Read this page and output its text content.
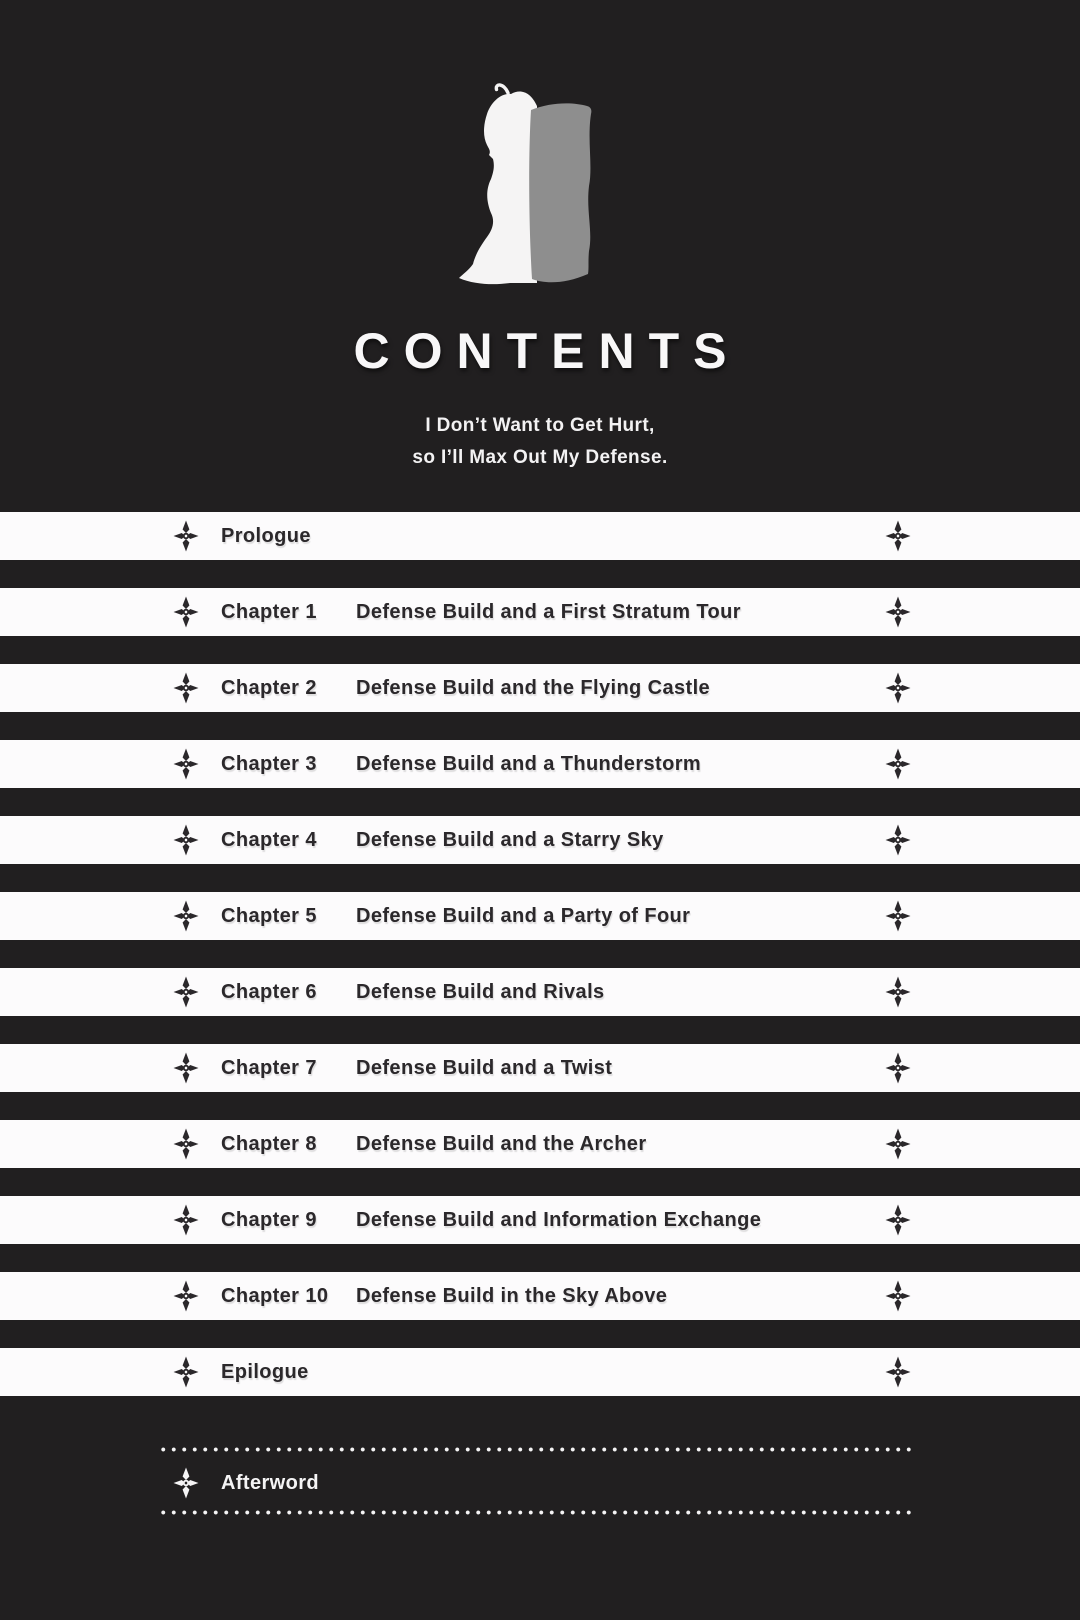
CONTENTS
I Don’t Want to Get Hurt,
so I’ll Max Out My Defense.
Prologue
Chapter 1	Defense Build and a First Stratum Tour
Chapter 2	Defense Build and the Flying Castle
Chapter 3	Defense Build and a Thunderstorm
Chapter 4	Defense Build and a Starry Sky
Chapter 5	Defense Build and a Party of Four
Chapter 6	Defense Build and Rivals
Chapter 7	Defense Build and a Twist
Chapter 8	Defense Build and the Archer
Chapter 9	Defense Build and Information Exchange
Chapter 10	Defense Build in the Sky Above
Epilogue
Afterword
